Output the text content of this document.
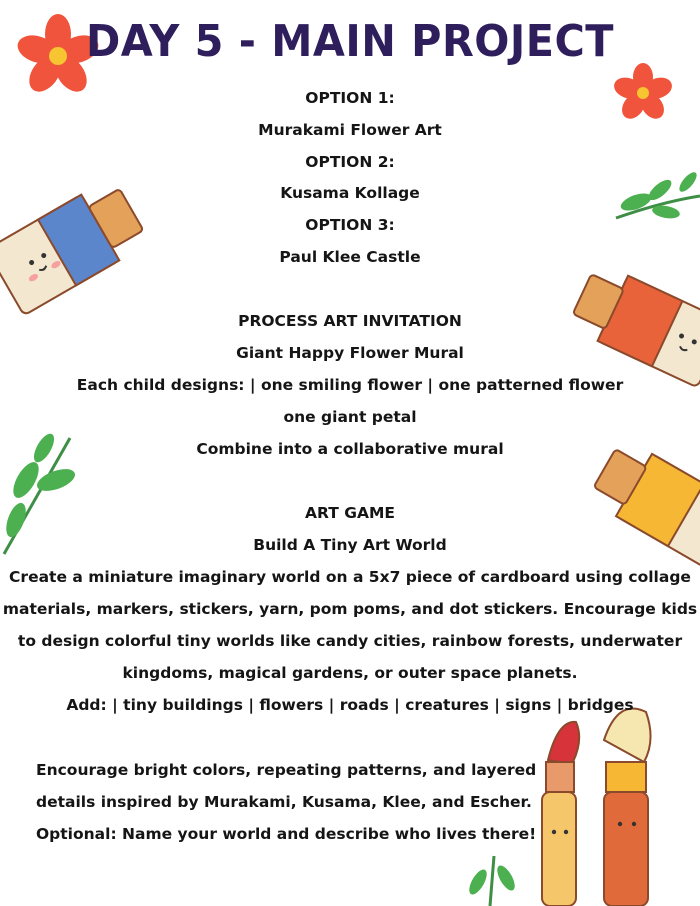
DAY 5 - MAIN PROJECT
OPTION 1:
Murakami Flower Art
OPTION 2:
Kusama Kollage
OPTION 3:
Paul Klee Castle
PROCESS ART INVITATION
Giant Happy Flower Mural
Each child designs: | one smiling flower | one patterned flower
one giant petal
Combine into a collaborative mural
ART GAME
Build A Tiny Art World
Create a miniature imaginary world on a 5x7 piece of cardboard using collage
materials, markers, stickers, yarn, pom poms, and dot stickers. Encourage kids
to design colorful tiny worlds like candy cities, rainbow forests, underwater
kingdoms, magical gardens, or outer space planets.
Add: | tiny buildings | flowers | roads | creatures | signs | bridges
Encourage bright colors, repeating patterns, and layered
details inspired by Murakami, Kusama, Klee, and Escher.
Optional: Name your world and describe who lives there!
